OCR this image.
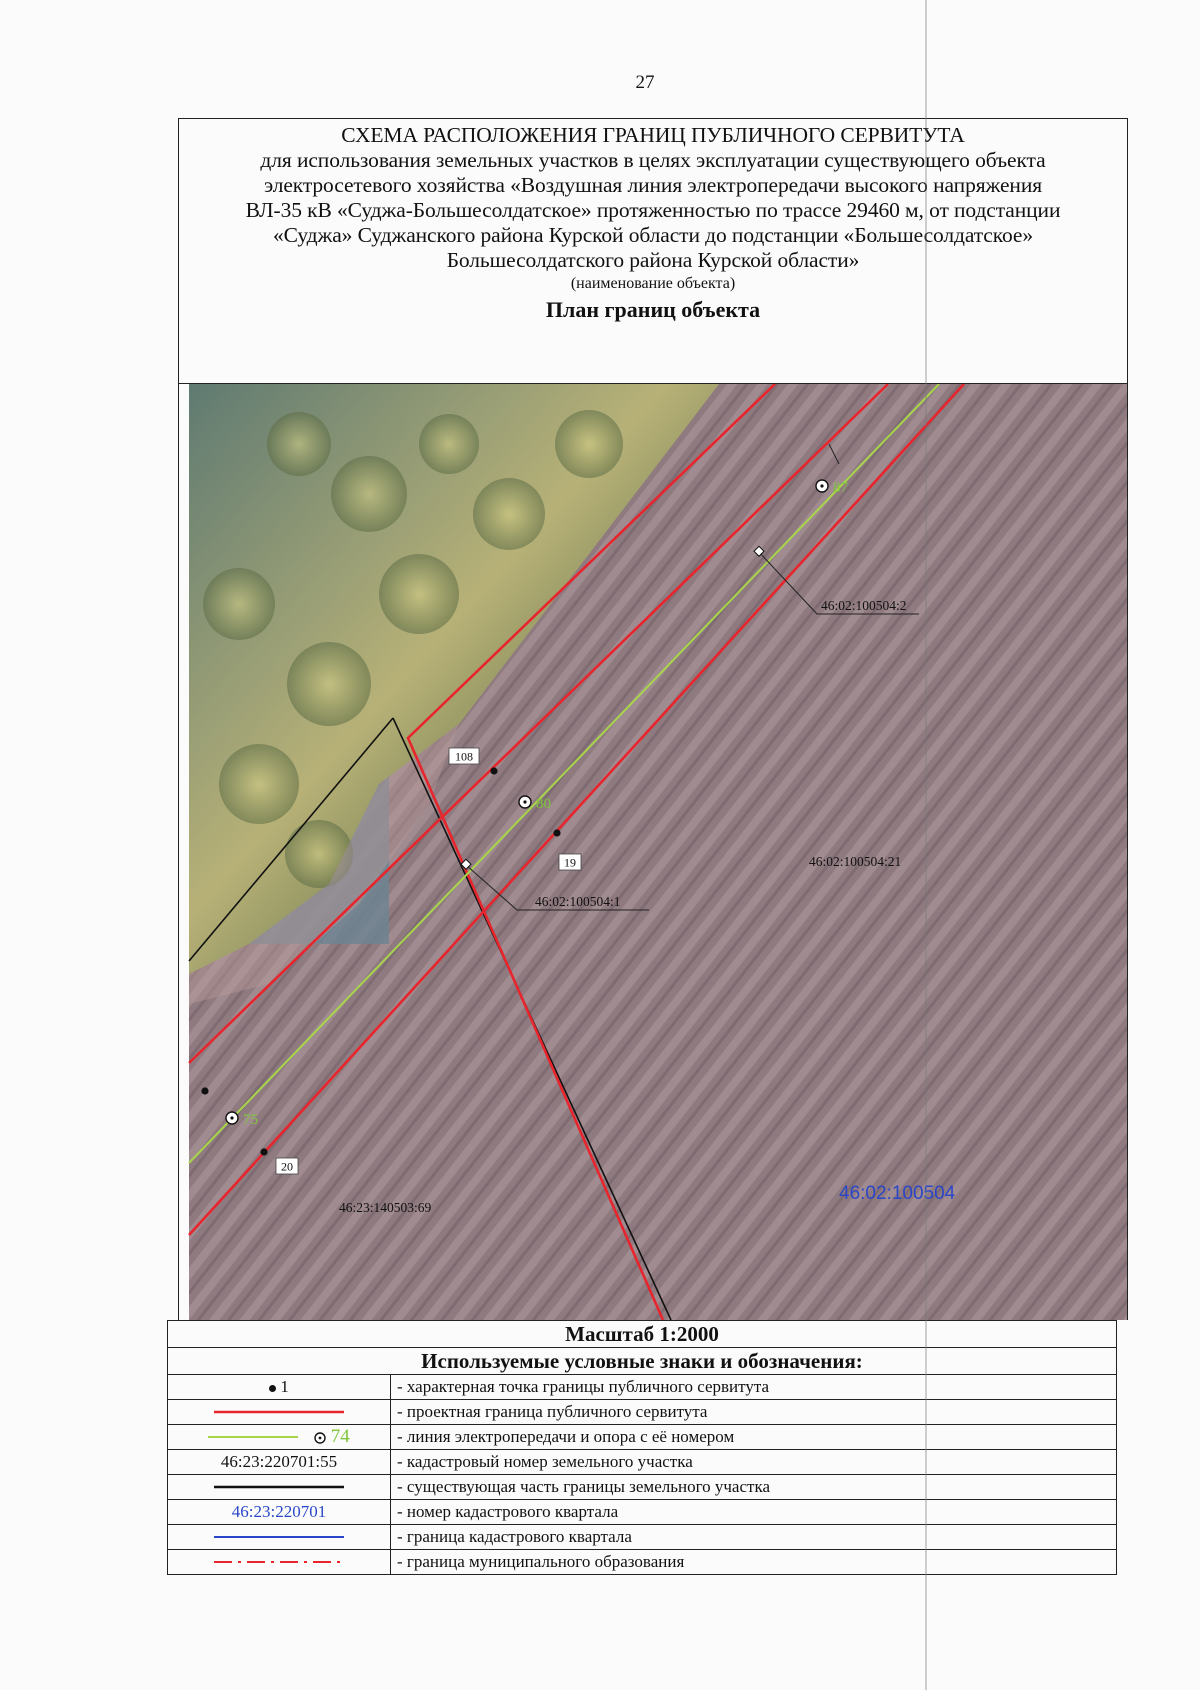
27
СХЕМА РАСПОЛОЖЕНИЯ ГРАНИЦ ПУБЛИЧНОГО СЕРВИТУТА
для использования земельных участков в целях эксплуатации существующего объекта
электросетевого хозяйства «Воздушная линия электропередачи высокого напряжения
ВЛ-35 кВ «Суджа-Большесолдатское» протяженностью по трассе 29460 м, от подстанции
«Суджа» Суджанского района Курской области до подстанции «Большесолдатское»
Большесолдатского района Курской области»
(наименование объекта)
План границ объекта
87
80
75
108
19
20
46:02:100504:2
46:02:100504:1
46:02:100504:21
46:23:140503:69
46:02:100504
Масштаб 1:2000	
Используемые условные знаки и обозначения:	
1	- характерная точка границы публичного сервитута
	- проектная граница публичного сервитута
74	- линия электропередачи и опора с её номером
46:23:220701:55	- кадастровый номер земельного участка
	- существующая часть границы земельного участка
46:23:220701	- номер кадастрового квартала
	- граница кадастрового квартала
	- граница муниципального образования
